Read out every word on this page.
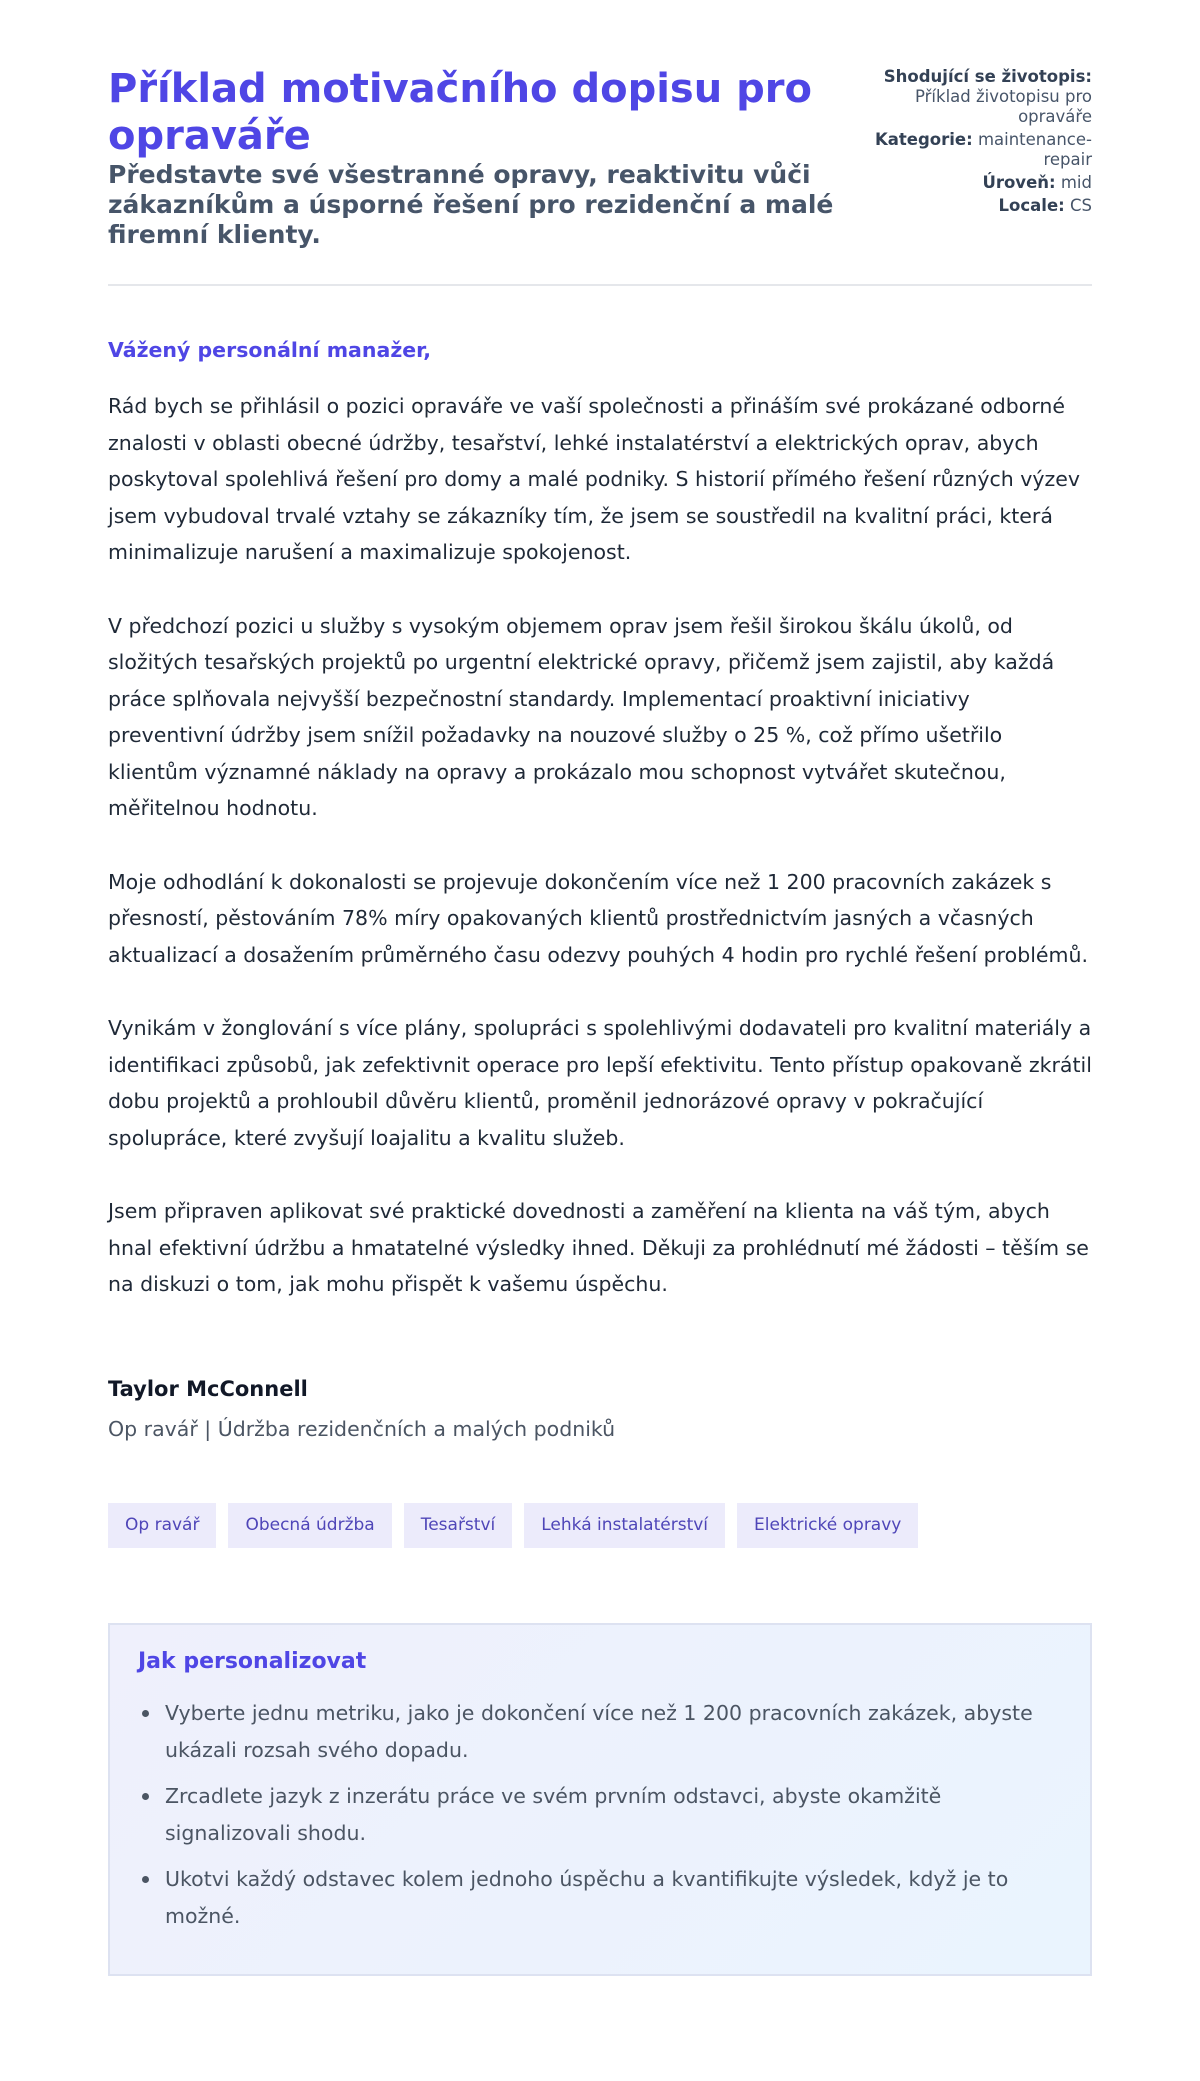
Příklad motivačního dopisu pro opraváře
Představte své všestranné opravy, reaktivitu vůči zákazníkům a úsporné řešení pro rezidenční a malé firemní klienty.
Shodující se životopis: Příklad životopisu pro opraváře
Kategorie: maintenance-repair
Úroveň: mid
Locale: CS

Vážený personální manažer,

Rád bych se přihlásil o pozici opraváře ve vaší společnosti a přináším své prokázané odborné znalosti v oblasti obecné údržby, tesařství, lehké instalatérství a elektrických oprav, abych poskytoval spolehlivá řešení pro domy a malé podniky. S historií přímého řešení různých výzev jsem vybudoval trvalé vztahy se zákazníky tím, že jsem se soustředil na kvalitní práci, která minimalizuje narušení a maximalizuje spokojenost.

V předchozí pozici u služby s vysokým objemem oprav jsem řešil širokou škálu úkolů, od složitých tesařských projektů po urgentní elektrické opravy, přičemž jsem zajistil, aby každá práce splňovala nejvyšší bezpečnostní standardy. Implementací proaktivní iniciativy preventivní údržby jsem snížil požadavky na nouzové služby o 25 %, což přímo ušetřilo klientům významné náklady na opravy a prokázalo mou schopnost vytvářet skutečnou, měřitelnou hodnotu.

Moje odhodlání k dokonalosti se projevuje dokončením více než 1 200 pracovních zakázek s přesností, pěstováním 78% míry opakovaných klientů prostřednictvím jasných a včasných aktualizací a dosažením průměrného času odezvy pouhých 4 hodin pro rychlé řešení problémů.

Vynikám v žonglování s více plány, spolupráci s spolehlivými dodavateli pro kvalitní materiály a identifikaci způsobů, jak zefektivnit operace pro lepší efektivitu. Tento přístup opakovaně zkrátil dobu projektů a prohloubil důvěru klientů, proměnil jednorázové opravy v pokračující spolupráce, které zvyšují loajalitu a kvalitu služeb.

Jsem připraven aplikovat své praktické dovednosti a zaměření na klienta na váš tým, abych hnal efektivní údržbu a hmatatelné výsledky ihned. Děkuji za prohlédnutí mé žádosti – těším se na diskuzi o tom, jak mohu přispět k vašemu úspěchu.

Taylor McConnell
Op ravář | Údržba rezidenčních a malých podniků
Op ravář	Obecná údržba	Tesařství	Lehká instalatérství	Elektrické opravy
Jak personalizovat
Vyberte jednu metriku, jako je dokončení více než 1 200 pracovních zakázek, abyste ukázali rozsah svého dopadu.
Zrcadlete jazyk z inzerátu práce ve svém prvním odstavci, abyste okamžitě signalizovali shodu.
Ukotvi každý odstavec kolem jednoho úspěchu a kvantifikujte výsledek, když je to možné.
